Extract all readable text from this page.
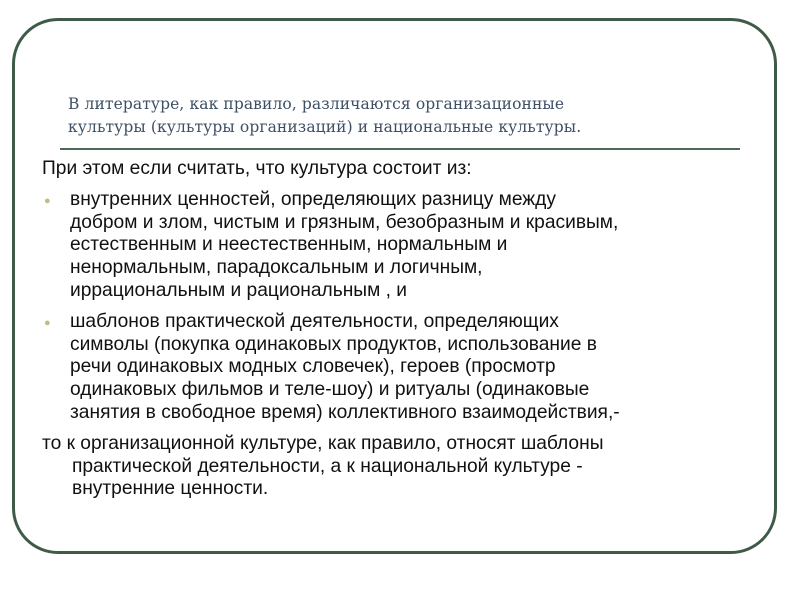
В литературе, как правило, различаются организационные
культуры (культуры организаций) и национальные культуры.
При этом если считать, что культура состоит из:
● внутренних ценностей, определяющих разницу между
добром и злом, чистым и грязным, безобразным и красивым,
естественным и неестественным, нормальным и
ненормальным, парадоксальным и логичным,
иррациональным и рациональным , и
● шаблонов практической деятельности, определяющих
символы (покупка одинаковых продуктов, использование в
речи одинаковых модных словечек), героев (просмотр
одинаковых фильмов и теле-шоу) и ритуалы (одинаковые
занятия в свободное время) коллективного взаимодействия,-
то к организационной культуре, как правило, относят шаблоны
практической деятельности, а к национальной культуре -
внутренние ценности.
